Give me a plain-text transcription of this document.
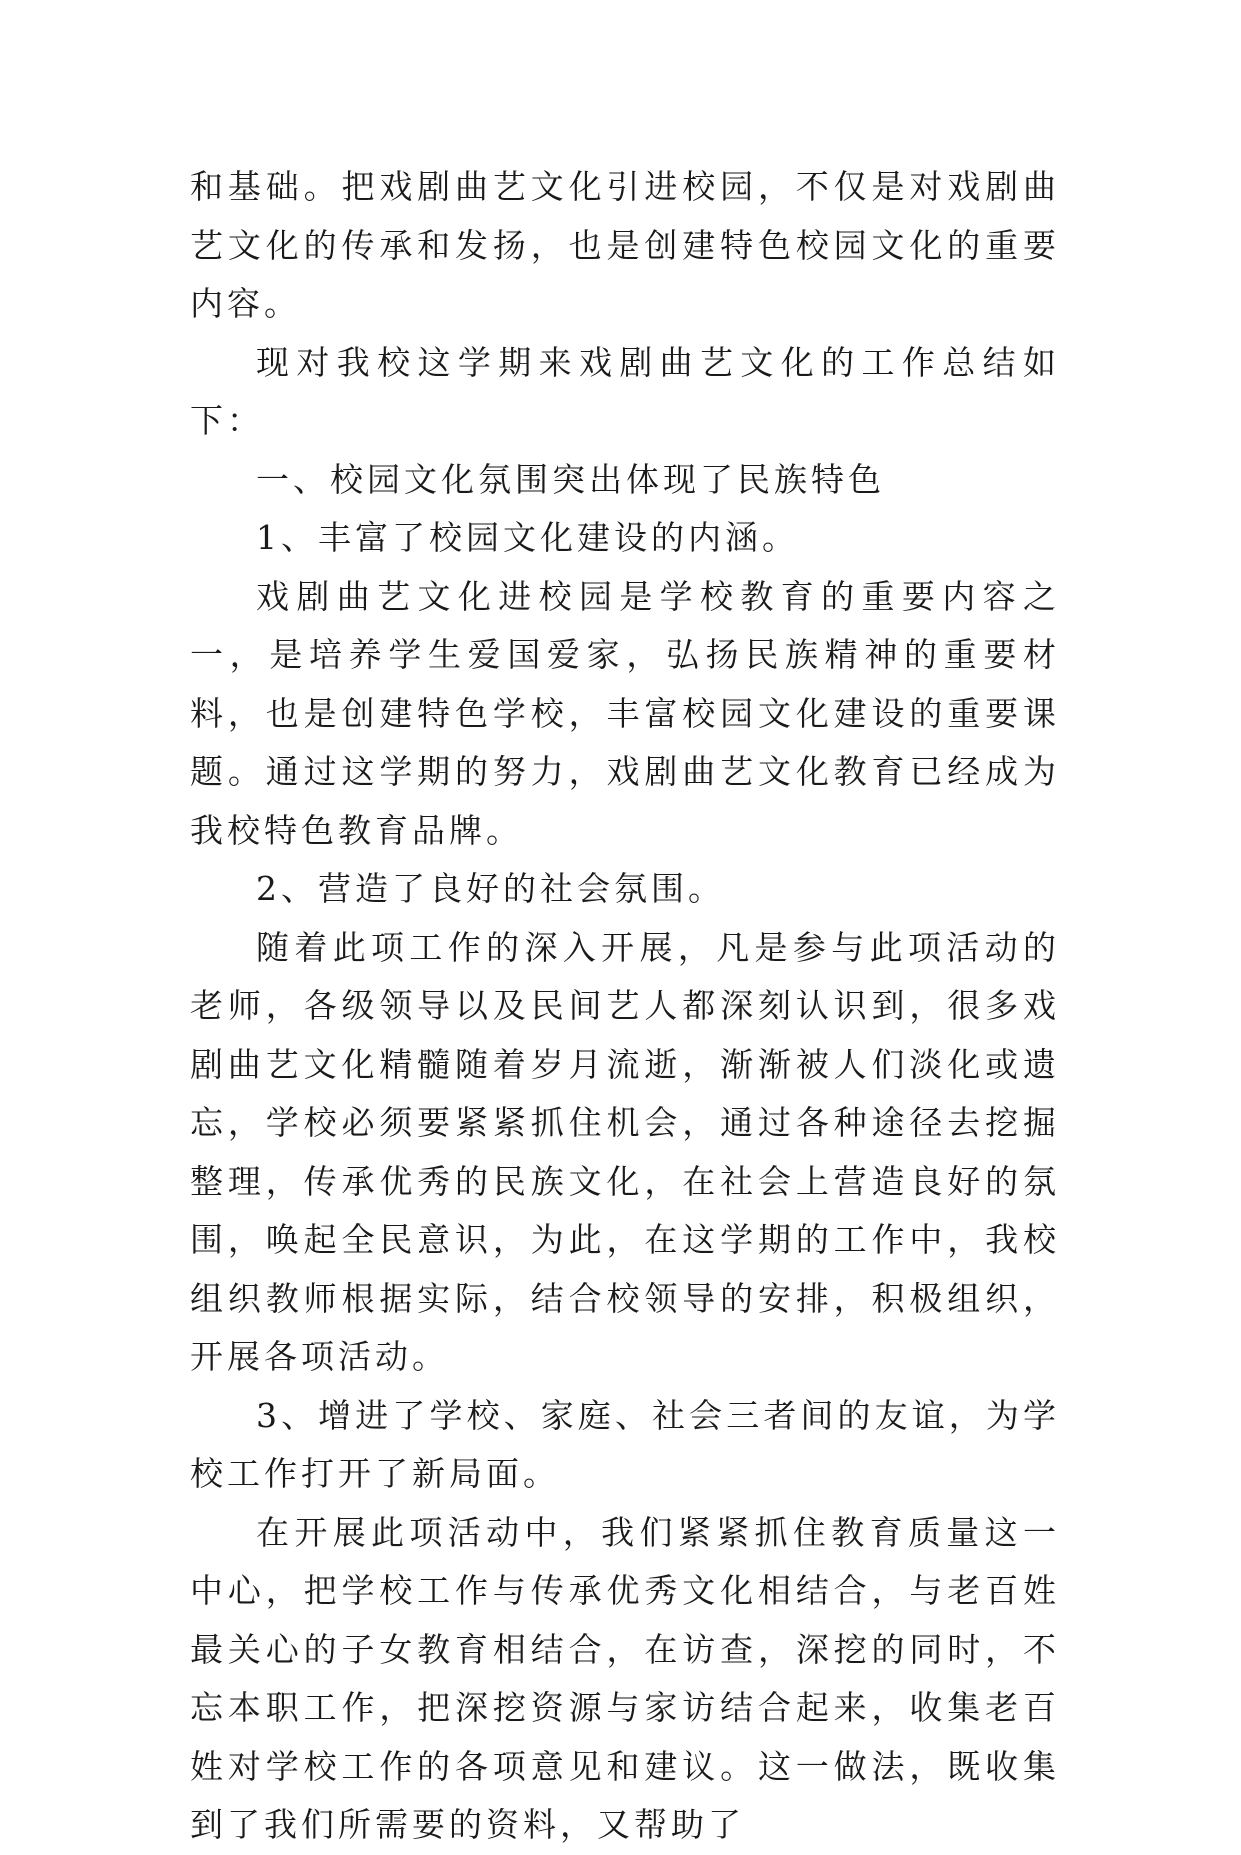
和基础。把戏剧曲艺文化引进校园，不仅是对戏剧曲艺文化的传承和发扬，也是创建特色校园文化的重要内容。

现对我校这学期来戏剧曲艺文化的工作总结如下：

一、校园文化氛围突出体现了民族特色

1、丰富了校园文化建设的内涵。

戏剧曲艺文化进校园是学校教育的重要内容之一，是培养学生爱国爱家，弘扬民族精神的重要材料，也是创建特色学校，丰富校园文化建设的重要课题。通过这学期的努力，戏剧曲艺文化教育已经成为我校特色教育品牌。

2、营造了良好的社会氛围。

随着此项工作的深入开展，凡是参与此项活动的老师，各级领导以及民间艺人都深刻认识到，很多戏剧曲艺文化精髓随着岁月流逝，渐渐被人们淡化或遗忘，学校必须要紧紧抓住机会，通过各种途径去挖掘整理，传承优秀的民族文化，在社会上营造良好的氛围，唤起全民意识，为此，在这学期的工作中，我校组织教师根据实际，结合校领导的安排，积极组织，开展各项活动。

3、增进了学校、家庭、社会三者间的友谊，为学校工作打开了新局面。

在开展此项活动中，我们紧紧抓住教育质量这一中心，把学校工作与传承优秀文化相结合，与老百姓最关心的子女教育相结合，在访查，深挖的同时，不忘本职工作，把深挖资源与家访结合起来，收集老百姓对学校工作的各项意见和建议。这一做法，既收集到了我们所需要的资料，又帮助了
